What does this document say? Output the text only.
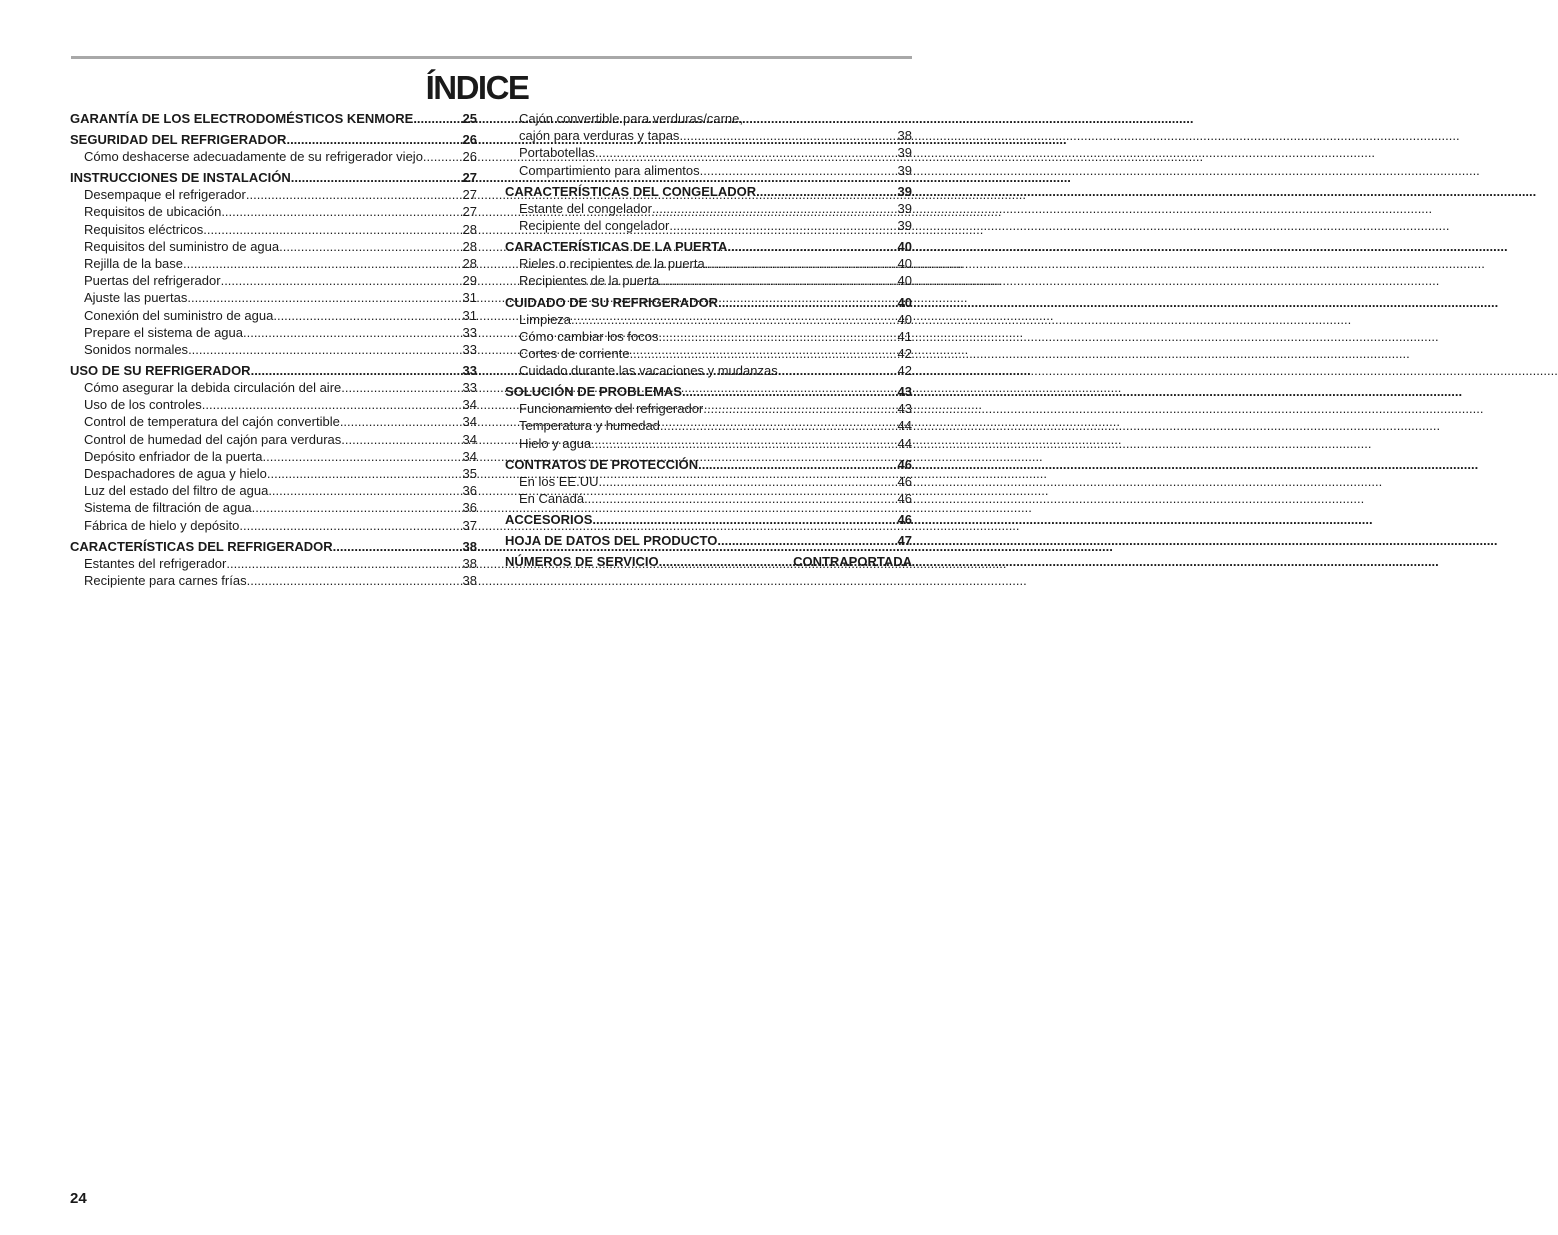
ÍNDICE
GARANTÍA DE LOS ELECTRODOMÉSTICOS KENMORE .....	25
SEGURIDAD DEL REFRIGERADOR .....	26
Cómo deshacerse adecuadamente de su refrigerador viejo .....	26
INSTRUCCIONES DE INSTALACIÓN .....	27
Desempaque el refrigerador .....	27
Requisitos de ubicación .....	27
Requisitos eléctricos .....	28
Requisitos del suministro de agua .....	28
Rejilla de la base .....	28
Puertas del refrigerador .....	29
Ajuste las puertas .....	31
Conexión del suministro de agua .....	31
Prepare el sistema de agua .....	33
Sonidos normales .....	33
USO DE SU REFRIGERADOR .....	33
Cómo asegurar la debida circulación del aire .....	33
Uso de los controles .....	34
Control de temperatura del cajón convertible .....	34
Control de humedad del cajón para verduras .....	34
Depósito enfriador de la puerta .....	34
Despachadores de agua y hielo .....	35
Luz del estado del filtro de agua .....	36
Sistema de filtración de agua .....	36
Fábrica de hielo y depósito .....	37
CARACTERÍSTICAS DEL REFRIGERADOR .....	38
Estantes del refrigerador .....	38
Recipiente para carnes frías .....	38
Cajón convertible para verduras/carne,
cajón para verduras y tapas .....	38
Portabotellas .....	39
Compartimiento para alimentos .....	39
CARACTERÍSTICAS DEL CONGELADOR .....	39
Estante del congelador .....	39
Recipiente del congelador .....	39
CARACTERÍSTICAS DE LA PUERTA .....	40
Rieles o recipientes de la puerta .....	40
Recipientes de la puerta .....	40
CUIDADO DE SU REFRIGERADOR .....	40
Limpieza .....	40
Cómo cambiar los focos .....	41
Cortes de corriente .....	42
Cuidado durante las vacaciones y mudanzas .....	42
SOLUCIÓN DE PROBLEMAS .....	43
Funcionamiento del refrigerador .....	43
Temperatura y humedad .....	44
Hielo y agua .....	44
CONTRATOS DE PROTECCIÓN .....	46
En los EE.UU. .....	46
En Canadá .....	46
ACCESORIOS .....	46
HOJA DE DATOS DEL PRODUCTO .....	47
NÚMEROS DE SERVICIO .....	CONTRAPORTADA
24
